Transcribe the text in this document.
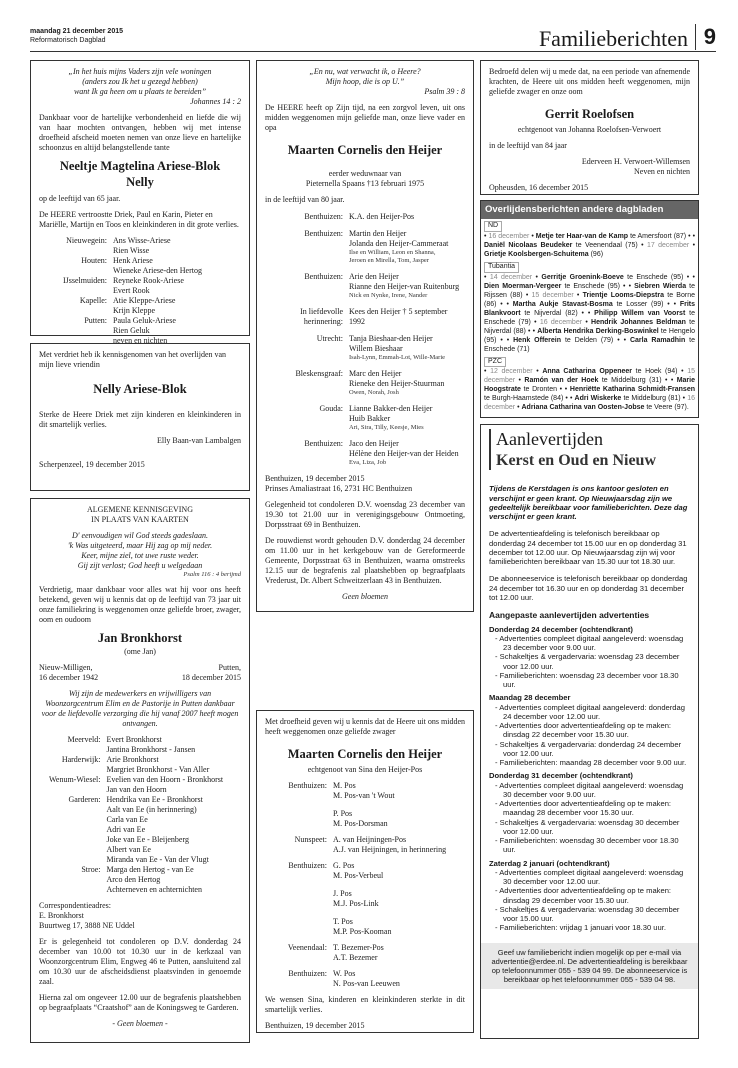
maandag 21 december 2015
Reformatorisch Dagblad	Familieberichten 9
„In het huis mijns Vaders zijn vele woningen
(anders zou Ik het u gezegd hebben)
want Ik ga heen om u plaats te bereiden”
Johannes 14 : 2
Dankbaar voor de hartelijke verbondenheid en liefde die wij van haar mochten ontvangen, hebben wij met intense droefheid afscheid moeten nemen van onze lieve en hartelijke schoonzus en altijd belangstellende tante
Neeltje Magtelina Ariese-Blok
Nelly
op de leeftijd van 65 jaar.
De HEERE vertroostte Driek, Paul en Karin, Pieter en Mariëlle, Martijn en Toos en kleinkinderen in dit grote verlies.
Nieuwegein: Ans Wisse-Ariese
Rien Wisse
Houten: Henk Ariese
Wieneke Ariese-den Hertog
IJsselmuiden: Reyneke Rook-Ariese
Evert Rook
Kapelle: Atie Kleppe-Ariese
Krijn Kleppe
Putten: Paula Geluk-Ariese
Rien Geluk
neven en nichten
Met verdriet heb ik kennisgenomen van het overlijden van mijn lieve vriendin
Nelly Ariese-Blok
Sterke de Heere Driek met zijn kinderen en kleinkinderen in dit smartelijk verlies.
Elly Baan-van Lambalgen
Scherpenzeel, 19 december 2015
ALGEMENE KENNISGEVING
IN PLAATS VAN KAARTEN
D' eenvoudigen wil God steeds gadeslaan.
'k Was uitgeteerd, maar Hij zag op mij neder.
Keer, mijne ziel, tot uwe ruste weder.
Gij zijt verlost; God heeft u welgedaan
Psalm 116 : 4 berijmd
Verdrietig, maar dankbaar voor alles wat hij voor ons heeft betekend, geven wij u kennis dat op de leeftijd van 73 jaar uit onze familiekring is weggenomen onze geliefde broer, zwager, oom en oudoom
Jan Bronkhorst
(ome Jan)
Nieuw-Milligen,
16 december 1942
Putten,
18 december 2015
Wij zijn de medewerkers en vrijwilligers van Woonzorgcentrum Elim en de Pastorije in Putten dankbaar voor de liefdevolle verzorging die hij vanaf 2007 heeft mogen ontvangen.
Meerveld: Evert Bronkhorst
Jantina Bronkhorst - Jansen
Harderwijk: Arie Bronkhorst
Margriet Bronkhorst - Van Aller
Wenum-Wiesel: Evelien van den Hoorn - Bronkhorst
Jan van den Hoorn
Garderen: Hendrika van Ee - Bronkhorst
Aalt van Ee (in herinnering)
Carla van Ee
Adri van Ee
Joke van Ee - Bleijenberg
Albert van Ee
Miranda van Ee - Van der Vlugt
Stroe: Marga den Hertog - van Ee
Arco den Hertog
Achterneven en achternichten
Correspondentieadres:
E. Bronkhorst
Buurtweg 17, 3888 NE Uddel
Er is gelegenheid tot condoleren op D.V. donderdag 24 december van 10.00 tot 10.30 uur in de kerkzaal van Woonzorgcentrum Elim, Engweg 46 te Putten, aansluitend zal om 10.30 uur de afscheidsdienst plaatsvinden in genoemde zaal.
Hierna zal om ongeveer 12.00 uur de begrafenis plaatshebben op begraafplaats “Craatshof” aan de Koningsweg te Garderen.
- Geen bloemen -
„En nu, wat verwacht ik, o Heere?
Mijn hoop, die is op U.”
Psalm 39 : 8
De HEERE heeft op Zijn tijd, na een zorgvol leven, uit ons midden weggenomen mijn geliefde man, onze lieve vader en opa
Maarten Cornelis den Heijer
eerder weduwnaar van
Pieternella Spaans †13 februari 1975
in de leeftijd van 80 jaar.
Benthuizen: K.A. den Heijer-Pos
Benthuizen: Martin den Heijer
Jolanda den Heijer-Cammeraat
Ilse en William, Leon en Shanna,
Jeroen en Mirella, Tom, Jasper
Benthuizen: Arie den Heijer
Rianne den Heijer-van Ruitenburg
Nick en Nynke, Irene, Nander
In liefdevolle herinnering:
Kees den Heijer † 5 september 1992
Utrecht: Tanja Bieshaar-den Heijer
Willem Bieshaar
Isah-Lynn, Emmah-Lot, Wille-Marie
Bleskensgraaf: Marc den Heijer
Rieneke den Heijer-Stuurman
Owen, Norah, Josh
Gouda: Lianne Bakker-den Heijer
Huib Bakker
Ari, Sira, Tilly, Keesje, Mies
Benthuizen: Jaco den Heijer
Hélène den Heijer-van der Heiden
Eva, Liza, Job
Benthuizen, 19 december 2015
Prinses Amaliastraat 16, 2731 HC Benthuizen
Gelegenheid tot condoleren D.V. woensdag 23 december van 19.30 tot 21.00 uur in verenigingsgebouw Ontmoeting, Dorpsstraat 69 in Benthuizen.
De rouwdienst wordt gehouden D.V. donderdag 24 december om 11.00 uur in het kerkgebouw van de Gereformeerde Gemeente, Dorpsstraat 63 in Benthuizen, waarna omstreeks 12.15 uur de begrafenis zal plaatshebben op begraafplaats Vrederust, Dr. Albert Schweitzerlaan 43 in Benthuizen.
Geen bloemen
Met droefheid geven wij u kennis dat de Heere uit ons midden heeft weggenomen onze geliefde zwager
Maarten Cornelis den Heijer
echtgenoot van Sina den Heijer-Pos
Benthuizen: M. Pos
M. Pos-van 't Wout
P. Pos
M. Pos-Dorsman
Nunspeet: A. van Heijningen-Pos
A.J. van Heijningen, in herinnering
Benthuizen: G. Pos
M. Pos-Verbeul
J. Pos
M.J. Pos-Link
T. Pos
M.P. Pos-Kooman
Veenendaal: T. Bezemer-Pos
A.T. Bezemer
Benthuizen: W. Pos
N. Pos-van Leeuwen
We wensen Sina, kinderen en kleinkinderen sterkte in dit smartelijk verlies.
Benthuizen, 19 december 2015
Bedroefd delen wij u mede dat, na een periode van afnemende krachten, de Heere uit ons midden heeft weggenomen, mijn geliefde zwager en onze oom
Gerrit Roelofsen
echtgenoot van Johanna Roelofsen-Verwoert
in de leeftijd van 84 jaar
Ederveen H. Verwoert-Willemsen
Neven en nichten
Opheusden, 16 december 2015
Overlijdensberichten andere dagbladen
ND
• 16 december • Metje ter Haar-van de Kamp te Amersfoort (87) • • Daniël Nicolaas Beudeker te Veenendaal (75) • 17 december • Grietje Koolsbergen-Schuitema (96)
Tubantia
• 14 december • Gerritje Groenink-Boeve te Enschede (95) • • Dien Moerman-Vergeer te Enschede (95) • • Siebren Wierda te Rijssen (88) • 15 december • Trientje Looms-Diepstra te Borne (86) • • Martha Aukje Stavast-Bosma te Losser (99) • • Frits Blankvoort te Nijverdal (82) • • Philipp Willem van Voorst te Enschede (79) • 16 december • Hendrik Johannes Beldman te Nijverdal (88) • • Alberta Hendrika Derking-Boswinkel te Hengelo (95) • • Henk Offerein te Delden (79) • • Carla Ramadhin te Enschede (71)
PZC
• 12 december • Anna Catharina Oppeneer te Hoek (94) • 15 december • Ramón van der Hoek te Middelburg (31) • • Marie Hoogstrate te Dronten • • Henriëtte Katharina Schmidt-Fransen te Burgh-Haamstede (84) • • Adri Wiskerke te Middelburg (81) • 16 december • Adriana Catharina van Oosten-Jobse te Veere (97).
Aanlevertijden
Kerst en Oud en Nieuw
Tijdens de Kerstdagen is ons kantoor gesloten en verschijnt er geen krant. Op Nieuwjaarsdag zijn we gedeeltelijk bereikbaar voor familieberichten. Deze dag verschijnt er geen krant.
De advertentieafdeling is telefonisch bereikbaar op donderdag 24 december tot 15.00 uur en op donderdag 31 december tot 12.00 uur. Op Nieuwjaarsdag zijn wij voor familieberichten bereikbaar van 15.30 uur tot 18.30 uur.
De abonneeservice is telefonisch bereikbaar op donderdag 24 december tot 16.30 uur en op donderdag 31 december tot 12.00 uur.
Aangepaste aanlevertijden advertenties
Donderdag 24 december (ochtendkrant)
- Advertenties compleet digitaal aangeleverd: woensdag 23 december voor 9.00 uur.
- Schakeltjes & vergadervaria: woensdag 23 december voor 12.00 uur.
- Familieberichten: woensdag 23 december voor 18.30 uur.
Maandag 28 december
- Advertenties compleet digitaal aangeleverd: donderdag 24 december voor 12.00 uur.
- Advertenties door advertentieafdeling op te maken: dinsdag 22 december voor 15.30 uur.
- Schakeltjes & vergadervaria: donderdag 24 december voor 12.00 uur.
- Familieberichten: maandag 28 december voor 9.00 uur.
Donderdag 31 december (ochtendkrant)
- Advertenties compleet digitaal aangeleverd: woensdag 30 december voor 9.00 uur.
- Advertenties door advertentieafdeling op te maken: maandag 28 december voor 15.30 uur.
- Schakeltjes & vergadervaria: woensdag 30 december voor 12.00 uur.
- Familieberichten: woensdag 30 december voor 18.30 uur.
Zaterdag 2 januari (ochtendkrant)
- Advertenties compleet digitaal aangeleverd: woensdag 30 december voor 12.00 uur.
- Advertenties door advertentieafdeling op te maken: dinsdag 29 december voor 15.30 uur.
- Schakeltjes & vergadervaria: woensdag 30 december voor 15.00 uur.
- Familieberichten: vrijdag 1 januari voor 18.30 uur.
Geef uw familiebericht indien mogelijk op per e-mail via advertentie@erdee.nl. De advertentieafdeling is bereikbaar op telefoonnummer 055 - 539 04 99. De abonneeservice is bereikbaar op het telefoonnummer 055 - 539 04 98.
